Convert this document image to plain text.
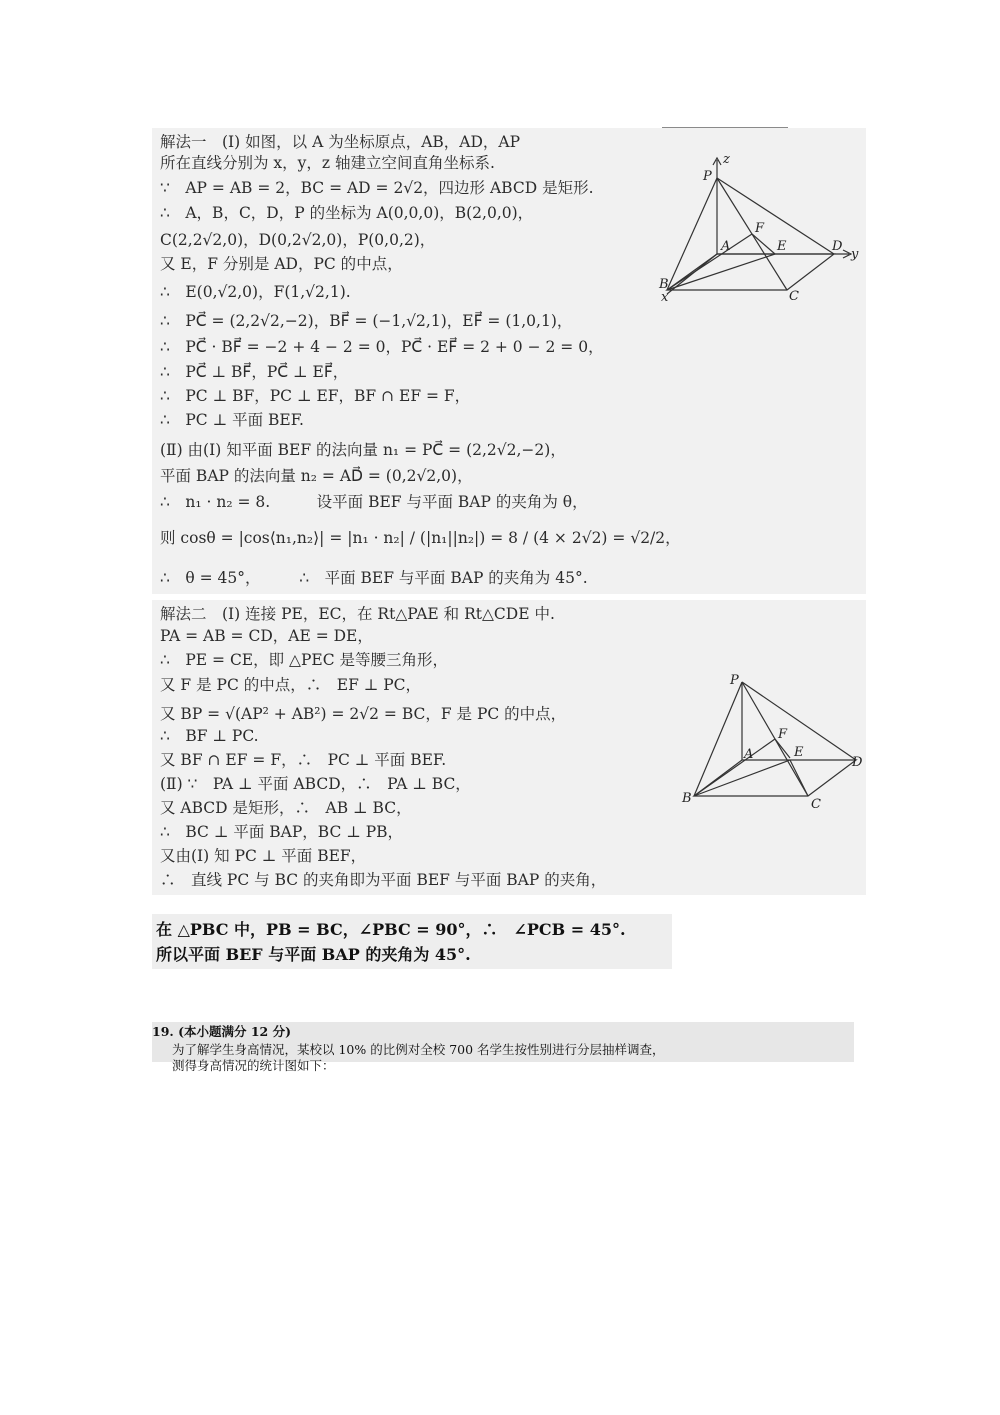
解法一　(Ⅰ) 如图，以 A 为坐标原点，AB，AD，AP
所在直线分别为 x，y，z 轴建立空间直角坐标系.
∵　AP = AB = 2，BC = AD = 2√2，四边形 ABCD 是矩形.
∴　A，B，C，D，P 的坐标为 A(0,0,0)，B(2,0,0)，
C(2,2√2,0)，D(0,2√2,0)，P(0,0,2)，
又 E，F 分别是 AD，PC 的中点，
∴　E(0,√2,0)，F(1,√2,1).
∴　PC⃗ = (2,2√2,−2)，BF⃗ = (−1,√2,1)，EF⃗ = (1,0,1)，
∴　PC⃗ · BF⃗ = −2 + 4 − 2 = 0，PC⃗ · EF⃗ = 2 + 0 − 2 = 0，
∴　PC⃗ ⊥ BF⃗，PC⃗ ⊥ EF⃗，
∴　PC ⊥ BF，PC ⊥ EF，BF ∩ EF = F，
∴　PC ⊥ 平面 BEF.
(Ⅱ) 由(Ⅰ) 知平面 BEF 的法向量 n₁ = PC⃗ = (2,2√2,−2)，
平面 BAP 的法向量 n₂ = AD⃗ = (0,2√2,0)，
∴　n₁ · n₂ = 8.　　　设平面 BEF 与平面 BAP 的夹角为 θ，
则 cosθ = |cos⟨n₁,n₂⟩| = |n₁ · n₂| / (|n₁||n₂|) = 8 / (4 × 2√2) = √2/2，
∴　θ = 45°，　　　∴　平面 BEF 与平面 BAP 的夹角为 45°.
z
P
A
F
E	D
y
B
x	C
解法二　(Ⅰ) 连接 PE，EC，在 Rt△PAE 和 Rt△CDE 中.
PA = AB = CD，AE = DE，
∴　PE = CE，即 △PEC 是等腰三角形，
又 F 是 PC 的中点，∴　EF ⊥ PC，
又 BP = √(AP² + AB²) = 2√2 = BC，F 是 PC 的中点，
∴　BF ⊥ PC.
又 BF ∩ EF = F，∴　PC ⊥ 平面 BEF.
(Ⅱ) ∵　PA ⊥ 平面 ABCD，∴　PA ⊥ BC，
又 ABCD 是矩形，∴　AB ⊥ BC，
∴　BC ⊥ 平面 BAP，BC ⊥ PB，
又由(Ⅰ) 知 PC ⊥ 平面 BEF，
∴　直线 PC 与 BC 的夹角即为平面 BEF 与平面 BAP 的夹角，
P
A
F
E
D
B	C
在 △PBC 中，PB = BC，∠PBC = 90°，∴　∠PCB = 45°.
所以平面 BEF 与平面 BAP 的夹角为 45°.
19. (本小题满分 12 分)
为了解学生身高情况，某校以 10% 的比例对全校 700 名学生按性别进行分层抽样调查，
测得身高情况的统计图如下：
